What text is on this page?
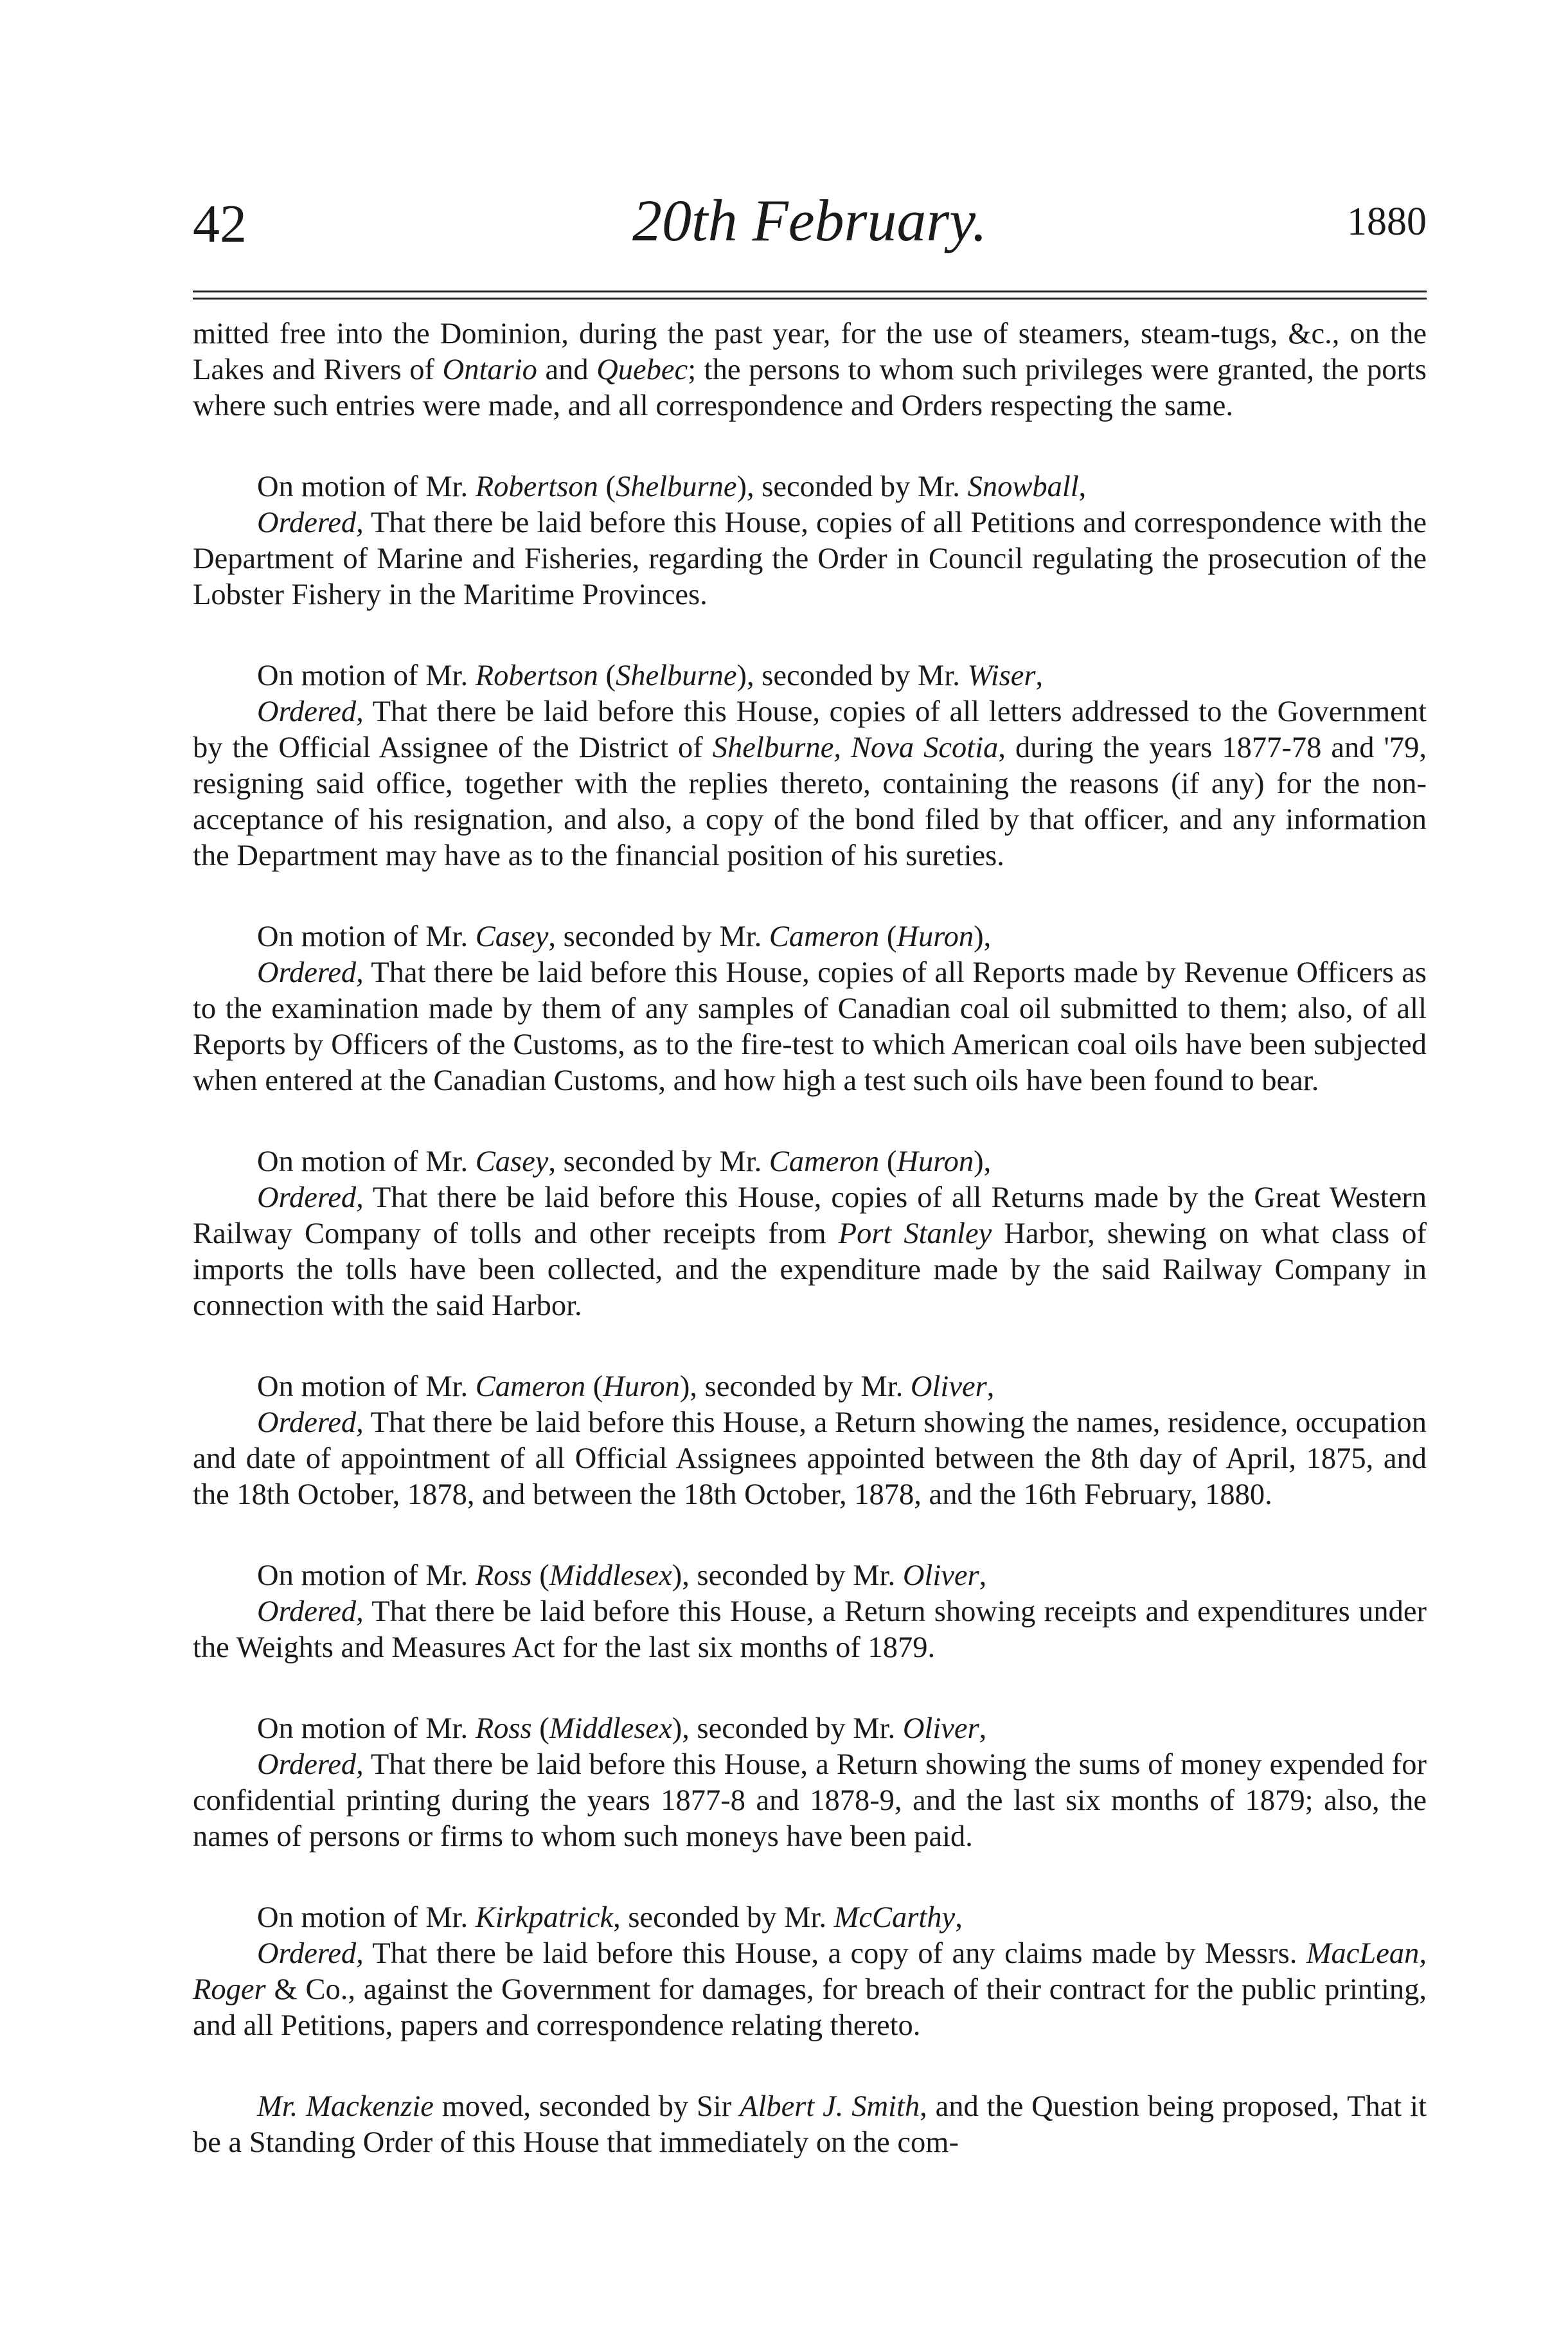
42	20th February.	1880

mitted free into the Dominion, during the past year, for the use of steamers, steam-tugs, &c., on the Lakes and Rivers of Ontario and Quebec; the persons to whom such privileges were granted, the ports where such entries were made, and all correspondence and Orders respecting the same.

On motion of Mr. Robertson (Shelburne), seconded by Mr. Snowball,

Ordered, That there be laid before this House, copies of all Petitions and correspondence with the Department of Marine and Fisheries, regarding the Order in Council regulating the prosecution of the Lobster Fishery in the Maritime Provinces.

On motion of Mr. Robertson (Shelburne), seconded by Mr. Wiser,

Ordered, That there be laid before this House, copies of all letters addressed to the Government by the Official Assignee of the District of Shelburne, Nova Scotia, during the years 1877-78 and '79, resigning said office, together with the replies thereto, containing the reasons (if any) for the non-acceptance of his resignation, and also, a copy of the bond filed by that officer, and any information the Department may have as to the financial position of his sureties.

On motion of Mr. Casey, seconded by Mr. Cameron (Huron),

Ordered, That there be laid before this House, copies of all Reports made by Revenue Officers as to the examination made by them of any samples of Canadian coal oil submitted to them; also, of all Reports by Officers of the Customs, as to the fire-test to which American coal oils have been subjected when entered at the Canadian Customs, and how high a test such oils have been found to bear.

On motion of Mr. Casey, seconded by Mr. Cameron (Huron),

Ordered, That there be laid before this House, copies of all Returns made by the Great Western Railway Company of tolls and other receipts from Port Stanley Harbor, shewing on what class of imports the tolls have been collected, and the expenditure made by the said Railway Company in connection with the said Harbor.

On motion of Mr. Cameron (Huron), seconded by Mr. Oliver,

Ordered, That there be laid before this House, a Return showing the names, residence, occupation and date of appointment of all Official Assignees appointed between the 8th day of April, 1875, and the 18th October, 1878, and between the 18th October, 1878, and the 16th February, 1880.

On motion of Mr. Ross (Middlesex), seconded by Mr. Oliver,

Ordered, That there be laid before this House, a Return showing receipts and expenditures under the Weights and Measures Act for the last six months of 1879.

On motion of Mr. Ross (Middlesex), seconded by Mr. Oliver,

Ordered, That there be laid before this House, a Return showing the sums of money expended for confidential printing during the years 1877-8 and 1878-9, and the last six months of 1879; also, the names of persons or firms to whom such moneys have been paid.

On motion of Mr. Kirkpatrick, seconded by Mr. McCarthy,

Ordered, That there be laid before this House, a copy of any claims made by Messrs. MacLean, Roger & Co., against the Government for damages, for breach of their contract for the public printing, and all Petitions, papers and correspondence relating thereto.

Mr. Mackenzie moved, seconded by Sir Albert J. Smith, and the Question being proposed, That it be a Standing Order of this House that immediately on the com-
